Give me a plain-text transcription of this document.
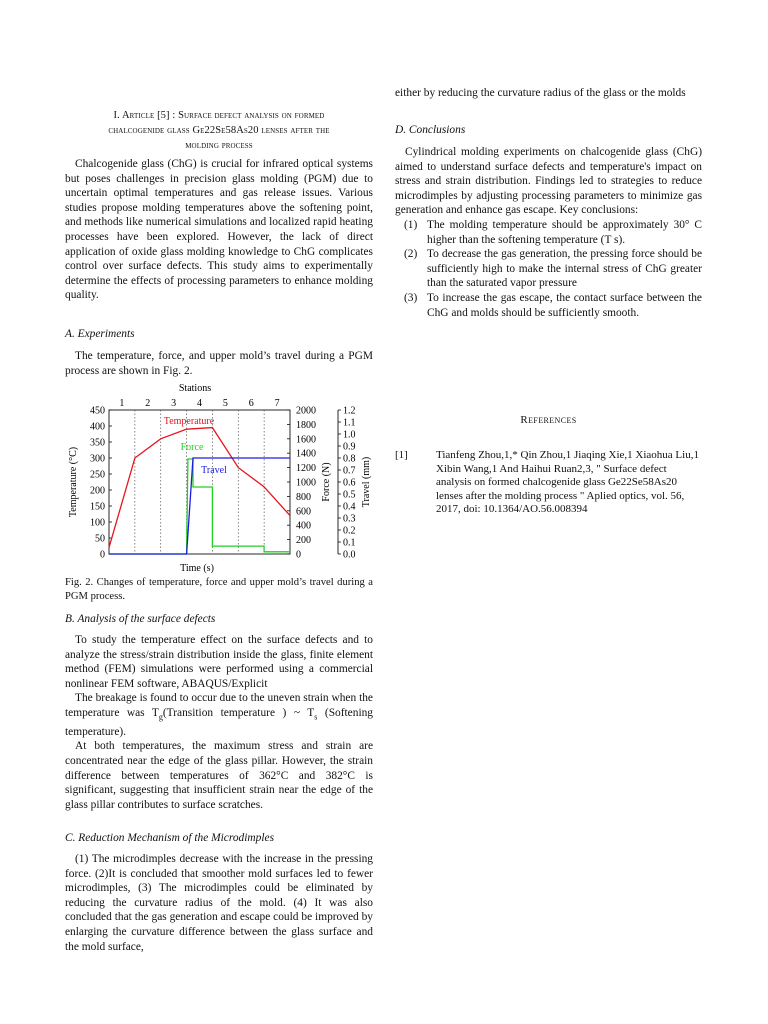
I. Article [5] : Surface defect analysis on formed
chalcogenide glass Ge22Se58As20 lenses after the
molding process

Chalcogenide glass (ChG) is crucial for infrared optical systems but poses challenges in precision glass molding (PGM) due to uncertain optimal temperatures and gas release issues. Various studies propose molding temperatures above the softening point, and methods like numerical simulations and localized rapid heating processes have been explored. However, the lack of direct application of oxide glass molding knowledge to ChG complicates control over surface defects. This study aims to experimentally determine the effects of processing parameters to enhance molding quality.

A. Experiments

The temperature, force, and upper mold’s travel during a PGM process are shown in Fig. 2.

Stations
1 2 3 4 5 6 7
450
400
350
300
250
200
150
100
50
0
2000
1800
1600
1400
1200
1000
800
600
400
200
0
1.2
1.1
1.0
0.9
0.8
0.7
0.6
0.5
0.4
0.3
0.2
0.1
0.0
Temperature
Force
Travel
Temperature (°C)	Force (N)	Travel (mm)
Time (s)

Fig. 2. Changes of temperature, force and upper mold’s travel during a PGM process.

B. Analysis of the surface defects

To study the temperature effect on the surface defects and to analyze the stress/strain distribution inside the glass, finite element method (FEM) simulations were performed using a commercial nonlinear FEM software, ABAQUS/Explicit

The breakage is found to occur due to the uneven strain when the temperature was $T_g(Transition$ temperature ) ~ $T_s$ (Softening temperature).

At both temperatures, the maximum stress and strain are concentrated near the edge of the glass pillar. However, the strain difference between temperatures of 362°C and 382°C is significant, suggesting that insufficient strain near the edge of the glass pillar contributes to surface scratches.

C. Reduction Mechanism of the Microdimples

(1) The microdimples decrease with the increase in the pressing force. (2)It is concluded that smoother mold surfaces led to fewer microdimples, (3) The microdimples could be eliminated by reducing the curvature radius of the mold. (4) It was also concluded that the gas generation and escape could be improved by enlarging the curvature difference between the glass surface and the mold surface,

either by reducing the curvature radius of the glass or the molds

D. Conclusions

Cylindrical molding experiments on chalcogenide glass (ChG) aimed to understand surface defects and temperature's impact on stress and strain distribution. Findings led to strategies to reduce microdimples by adjusting processing parameters to minimize gas generation and enhance gas escape. Key conclusions:

(1) The molding temperature should be approximately 30° C higher than the softening temperature (T s).
(2) To decrease the gas generation, the pressing force should be sufficiently high to make the internal stress of ChG greater than the saturated vapor pressure
(3) To increase the gas escape, the contact surface between the ChG and molds should be sufficiently smooth.
References
[1]	Tianfeng Zhou,1,* Qin Zhou,1 Jiaqing Xie,1 Xiaohua Liu,1 Xibin Wang,1 And Haihui Ruan2,3, " Surface defect analysis on formed chalcogenide glass Ge22Se58As20 lenses after the molding process " Aplied optics, vol. 56, 2017, doi: 10.1364/AO.56.008394
